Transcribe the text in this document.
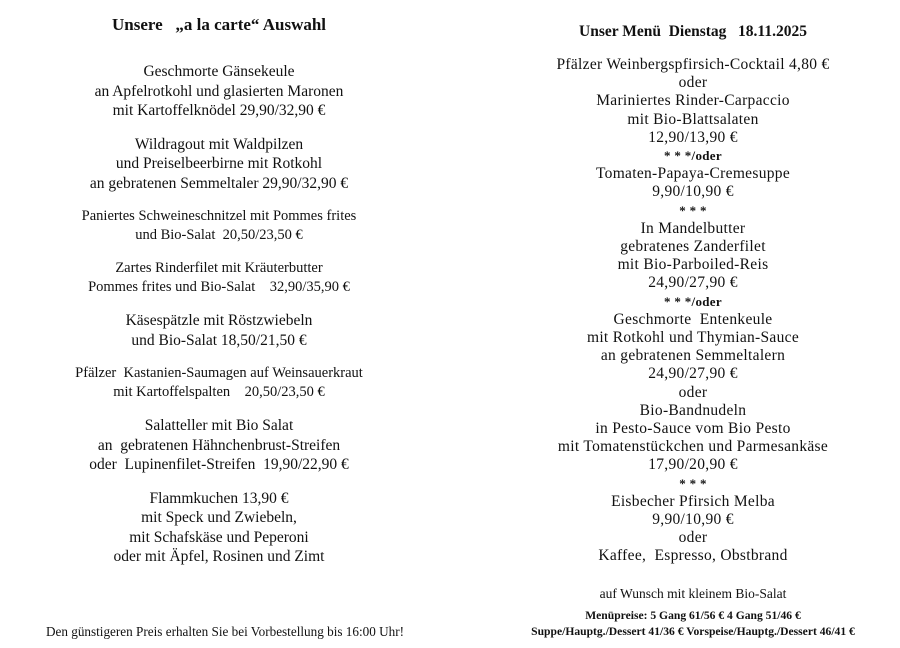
Unsere   „a la carte“ Auswahl
Geschmorte Gänsekeule
an Apfelrotkohl und glasierten Maronen
mit Kartoffelknödel 29,90/32,90 €
Wildragout mit Waldpilzen
und Preiselbeerbirne mit Rotkohl
an gebratenen Semmeltaler 29,90/32,90 €
Paniertes Schweineschnitzel mit Pommes frites
und Bio-Salat  20,50/23,50 €
Zartes Rinderfilet mit Kräuterbutter
Pommes frites und Bio-Salat    32,90/35,90 €
Käsespätzle mit Röstzwiebeln
und Bio-Salat 18,50/21,50 €
Pfälzer  Kastanien-Saumagen auf Weinsauerkraut
mit Kartoffelspalten    20,50/23,50 €
Salatteller mit Bio Salat
an  gebratenen Hähnchenbrust-Streifen
oder  Lupinenfilet-Streifen  19,90/22,90 €
Flammkuchen 13,90 €
mit Speck und Zwiebeln,
mit Schafskäse und Peperoni
oder mit Äpfel, Rosinen und Zimt
Den günstigeren Preis erhalten Sie bei Vorbestellung bis 16:00 Uhr!
Unser Menü  Dienstag   18.11.2025
Pfälzer Weinbergspfirsich-Cocktail 4,80 €
oder
Mariniertes Rinder-Carpaccio
mit Bio-Blattsalaten
12,90/13,90 €
* * */oder
Tomaten-Papaya-Cremesuppe
9,90/10,90 €
* * *
In Mandelbutter
gebratenes Zanderfilet
mit Bio-Parboiled-Reis
24,90/27,90 €
* * */oder
Geschmorte  Entenkeule
mit Rotkohl und Thymian-Sauce
an gebratenen Semmeltalern
24,90/27,90 €
oder
Bio-Bandnudeln
in Pesto-Sauce vom Bio Pesto
mit Tomatenstückchen und Parmesankäse
17,90/20,90 €
* * *
Eisbecher Pfirsich Melba
9,90/10,90 €
oder
Kaffee,  Espresso, Obstbrand
auf Wunsch mit kleinem Bio-Salat
Menüpreise: 5 Gang 61/56 € 4 Gang 51/46 €
Suppe/Hauptg./Dessert 41/36 € Vorspeise/Hauptg./Dessert 46/41 €
